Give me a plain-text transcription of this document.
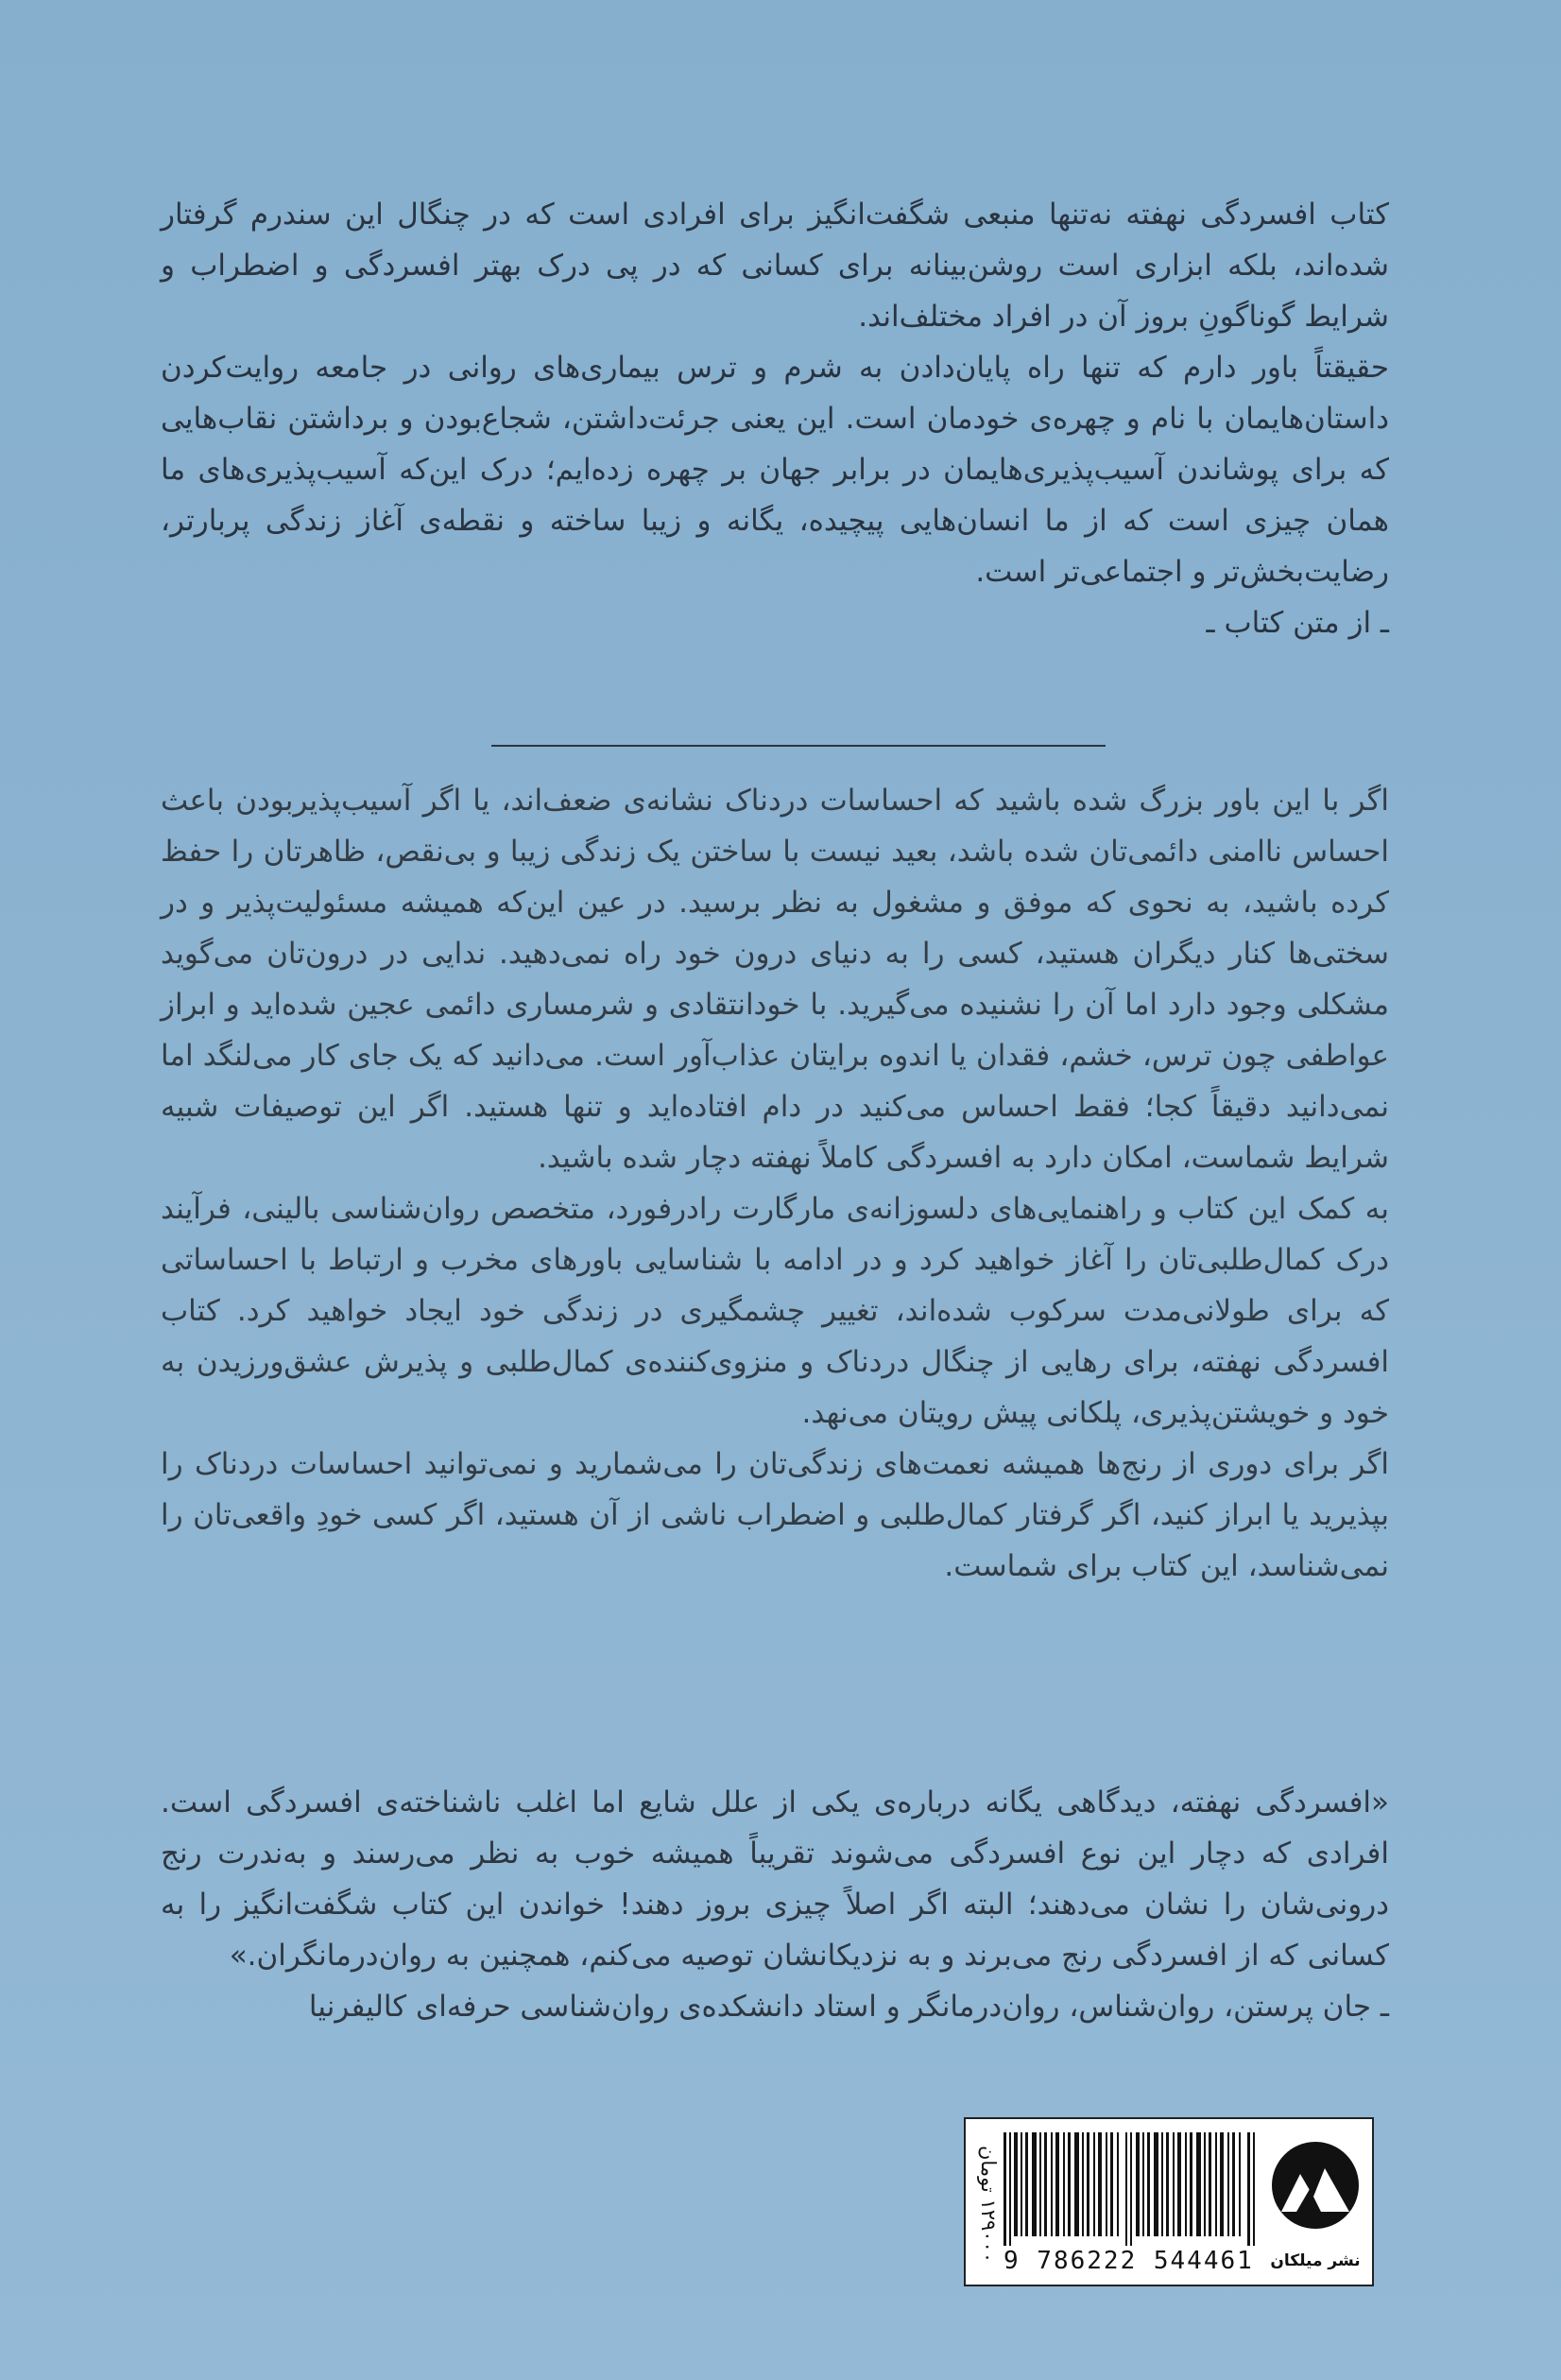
کتاب افسردگی نهفته نه‌تنها منبعی شگفت‌انگیز برای افرادی است که در چنگال این سندرم گرفتار شده‌اند، بلکه ابزاری است روشن‌بینانه برای کسانی که در پی درک بهتر افسردگی و اضطراب و شرایط گوناگونِ بروز آن در افراد مختلف‌اند.

حقیقتاً باور دارم که تنها راه پایان‌دادن به شرم و ترس بیماری‌های روانی در جامعه روایت‌کردن داستان‌هایمان با نام و چهره‌ی خودمان است. این یعنی جرئت‌داشتن، شجاع‌بودن و برداشتن نقاب‌هایی که برای پوشاندن آسیب‌پذیری‌هایمان در برابر جهان بر چهره زده‌ایم؛ درک این‌که آسیب‌پذیری‌های ما همان چیزی است که از ما انسان‌هایی پیچیده، یگانه و زیبا ساخته و نقطه‌ی آغاز زندگی پربارتر، رضایت‌بخش‌تر و اجتماعی‌تر است.

ـ از متن کتاب ـ

اگر با این باور بزرگ شده باشید که احساسات دردناک نشانه‌ی ضعف‌اند، یا اگر آسیب‌پذیربودن باعث احساس ناامنی دائمی‌تان شده باشد، بعید نیست با ساختن یک زندگی زیبا و بی‌نقص، ظاهرتان را حفظ کرده باشید، به نحوی که موفق و مشغول به نظر برسید. در عین این‌که همیشه مسئولیت‌پذیر و در سختی‌ها کنار دیگران هستید، کسی را به دنیای درون خود راه نمی‌دهید. ندایی در درون‌تان می‌گوید مشکلی وجود دارد اما آن را نشنیده می‌گیرید. با خودانتقادی و شرمساری دائمی عجین شده‌اید و ابراز عواطفی چون ترس، خشم، فقدان یا اندوه برایتان عذاب‌آور است. می‌دانید که یک جای کار می‌لنگد اما نمی‌دانید دقیقاً کجا؛ فقط احساس می‌کنید در دام افتاده‌اید و تنها هستید. اگر این توصیفات شبیه شرایط شماست، امکان دارد به افسردگی کاملاً نهفته دچار شده باشید.

به کمک این کتاب و راهنمایی‌های دلسوزانه‌ی مارگارت رادرفورد، متخصص روان‌شناسی بالینی، فرآیند درک کمال‌طلبی‌تان را آغاز خواهید کرد و در ادامه با شناسایی باورهای مخرب و ارتباط با احساساتی که برای طولانی‌مدت سرکوب شده‌اند، تغییر چشمگیری در زندگی خود ایجاد خواهید کرد. کتاب افسردگی نهفته، برای رهایی از چنگال دردناک و منزوی‌کننده‌ی کمال‌طلبی و پذیرش عشق‌ورزیدن به خود و خویشتن‌پذیری، پلکانی پیش رویتان می‌نهد.

اگر برای دوری از رنج‌ها همیشه نعمت‌های زندگی‌تان را می‌شمارید و نمی‌توانید احساسات دردناک را بپذیرید یا ابراز کنید، اگر گرفتار کمال‌طلبی و اضطراب ناشی از آن هستید، اگر کسی خودِ واقعی‌تان را نمی‌شناسد، این کتاب برای شماست.

«افسردگی نهفته، دیدگاهی یگانه درباره‌ی یکی از علل شایع اما اغلب ناشناخته‌ی افسردگی است. افرادی که دچار این نوع افسردگی می‌شوند تقریباً همیشه خوب به نظر می‌رسند و به‌ندرت رنج درونی‌شان را نشان می‌دهند؛ البته اگر اصلاً چیزی بروز دهند! خواندن این کتاب شگفت‌انگیز را به کسانی که از افسردگی رنج می‌برند و به نزدیکانشان توصیه می‌کنم، همچنین به روان‌درمانگران.»

ـ جان پرستن، روان‌شناس، روان‌درمانگر و استاد دانشکده‌ی روان‌شناسی حرفه‌ای کالیفرنیا

۱۲۹۰۰۰ تومان 9 786222 544461	نشر میلکان
